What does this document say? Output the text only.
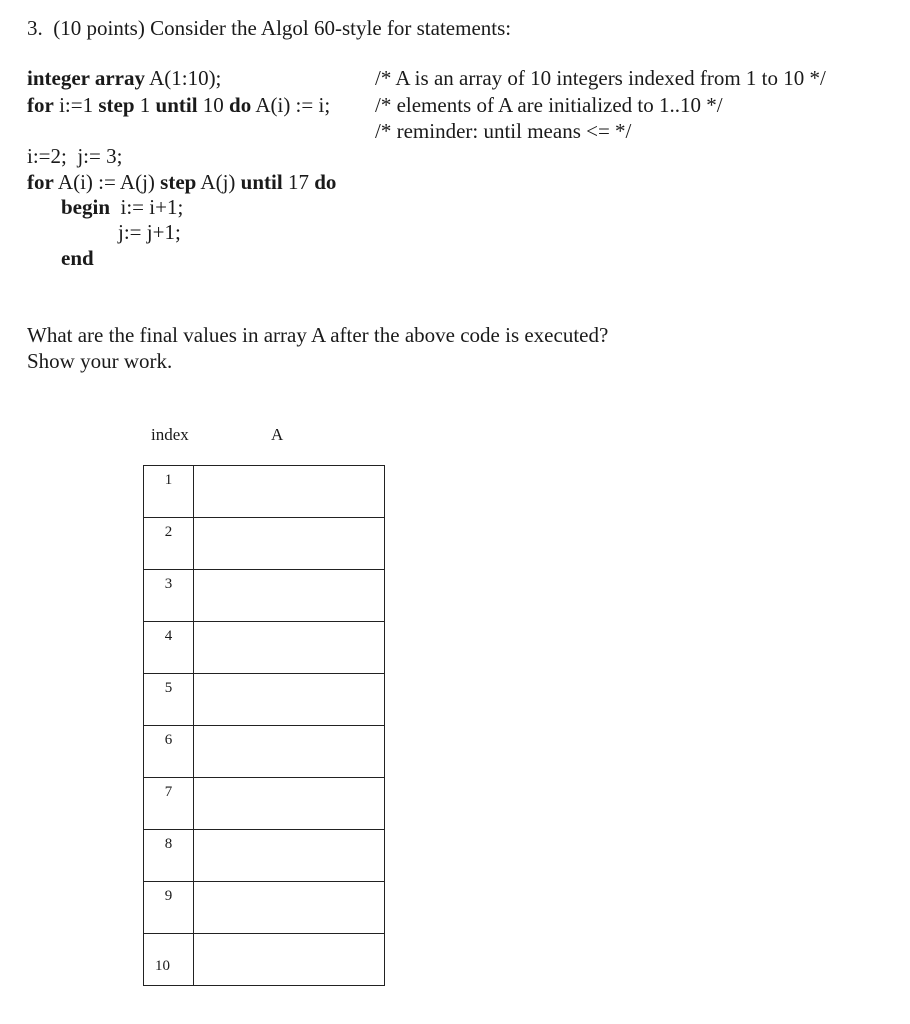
3.  (10 points) Consider the Algol 60-style for statements:
integer array A(1:10);
for i:=1 step 1 until 10 do A(i) := i;
/* A is an array of 10 integers indexed from 1 to 10 */
/* elements of A are initialized to 1..10 */
/* reminder: until means <= */
i:=2;  j:= 3;
for A(i) := A(j) step A(j) until 17 do
begin  i:= i+1;
j:= j+1;
end
What are the final values in array A after the above code is executed?
Show your work.
index	A
1	
2	
3	
4	
5	
6	
7	
8	
9	
10	
